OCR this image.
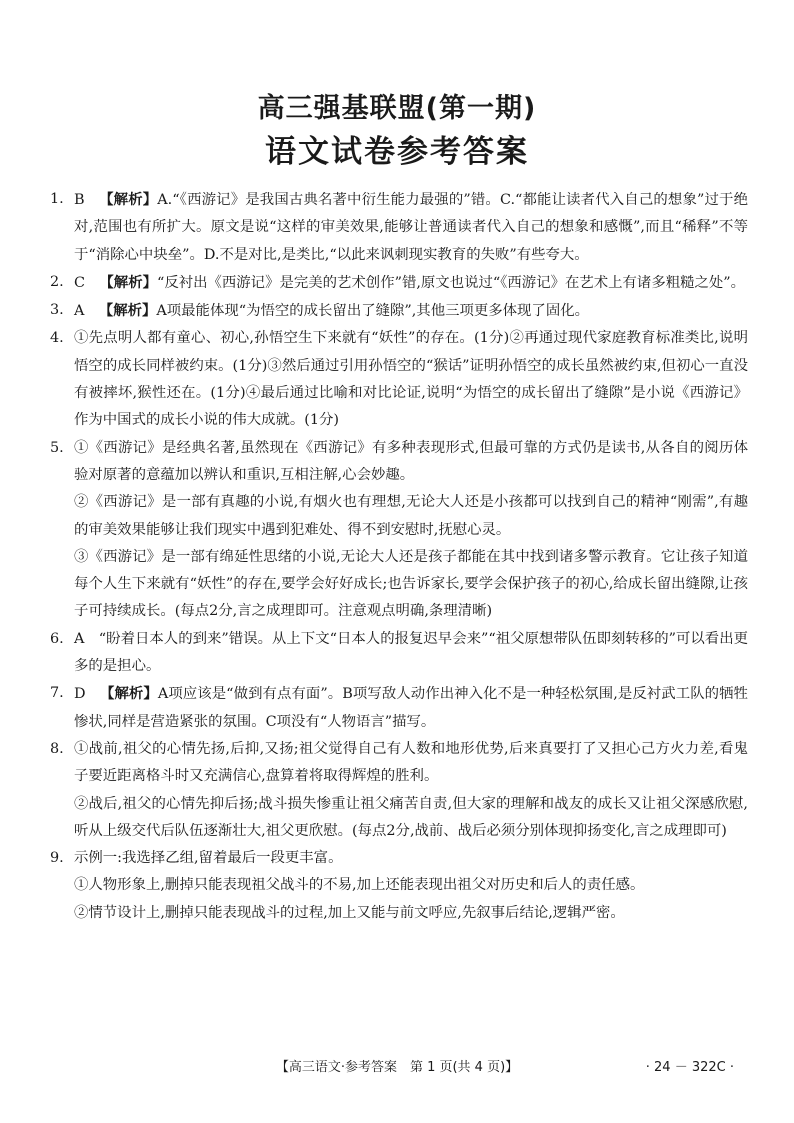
高三强基联盟(第一期)
语文试卷参考答案
1. B  【解析】A.“《西游记》是我国古典名著中衍生能力最强的”错。C.“都能让读者代入自己的想象”过于绝对,范围也有所扩大。原文是说“这样的审美效果,能够让普通读者代入自己的想象和感慨”,而且“稀释”不等于“消除心中块垒”。D.不是对比,是类比,“以此来讽刺现实教育的失败”有些夸大。

2. C  【解析】“反衬出《西游记》是完美的艺术创作”错,原文也说过“《西游记》在艺术上有诸多粗糙之处”。

3. A  【解析】A项最能体现“为悟空的成长留出了缝隙”,其他三项更多体现了固化。

4. ①先点明人都有童心、初心,孙悟空生下来就有“妖性”的存在。(1分)②再通过现代家庭教育标准类比,说明悟空的成长同样被约束。(1分)③然后通过引用孙悟空的“猴话”证明孙悟空的成长虽然被约束,但初心一直没有被摔坏,猴性还在。(1分)④最后通过比喻和对比论证,说明“为悟空的成长留出了缝隙”是小说《西游记》作为中国式的成长小说的伟大成就。(1分)

5. ①《西游记》是经典名著,虽然现在《西游记》有多种表现形式,但最可靠的方式仍是读书,从各自的阅历体验对原著的意蕴加以辨认和重识,互相注解,心会妙趣。

②《西游记》是一部有真趣的小说,有烟火也有理想,无论大人还是小孩都可以找到自己的精神“刚需”,有趣的审美效果能够让我们现实中遇到犯难处、得不到安慰时,抚慰心灵。

③《西游记》是一部有绵延性思绪的小说,无论大人还是孩子都能在其中找到诸多警示教育。它让孩子知道每个人生下来就有“妖性”的存在,要学会好好成长;也告诉家长,要学会保护孩子的初心,给成长留出缝隙,让孩子可持续成长。(每点2分,言之成理即可。注意观点明确,条理清晰)

6. A  “盼着日本人的到来”错误。从上下文“日本人的报复迟早会来”“祖父原想带队伍即刻转移的”可以看出更多的是担心。

7. D  【解析】A项应该是“做到有点有面”。B项写敌人动作出神入化不是一种轻松氛围,是反衬武工队的牺牲惨状,同样是营造紧张的氛围。C项没有“人物语言”描写。

8. ①战前,祖父的心情先扬,后抑,又扬;祖父觉得自己有人数和地形优势,后来真要打了又担心己方火力差,看鬼子要近距离格斗时又充满信心,盘算着将取得辉煌的胜利。

②战后,祖父的心情先抑后扬;战斗损失惨重让祖父痛苦自责,但大家的理解和战友的成长又让祖父深感欣慰,听从上级交代后队伍逐渐壮大,祖父更欣慰。(每点2分,战前、战后必须分别体现抑扬变化,言之成理即可)

9. 示例一:我选择乙组,留着最后一段更丰富。

①人物形象上,删掉只能表现祖父战斗的不易,加上还能表现出祖父对历史和后人的责任感。

②情节设计上,删掉只能表现战斗的过程,加上又能与前文呼应,先叙事后结论,逻辑严密。

【高三语文·参考答案　第 1 页(共 4 页)】	· 24 － 322C ·
